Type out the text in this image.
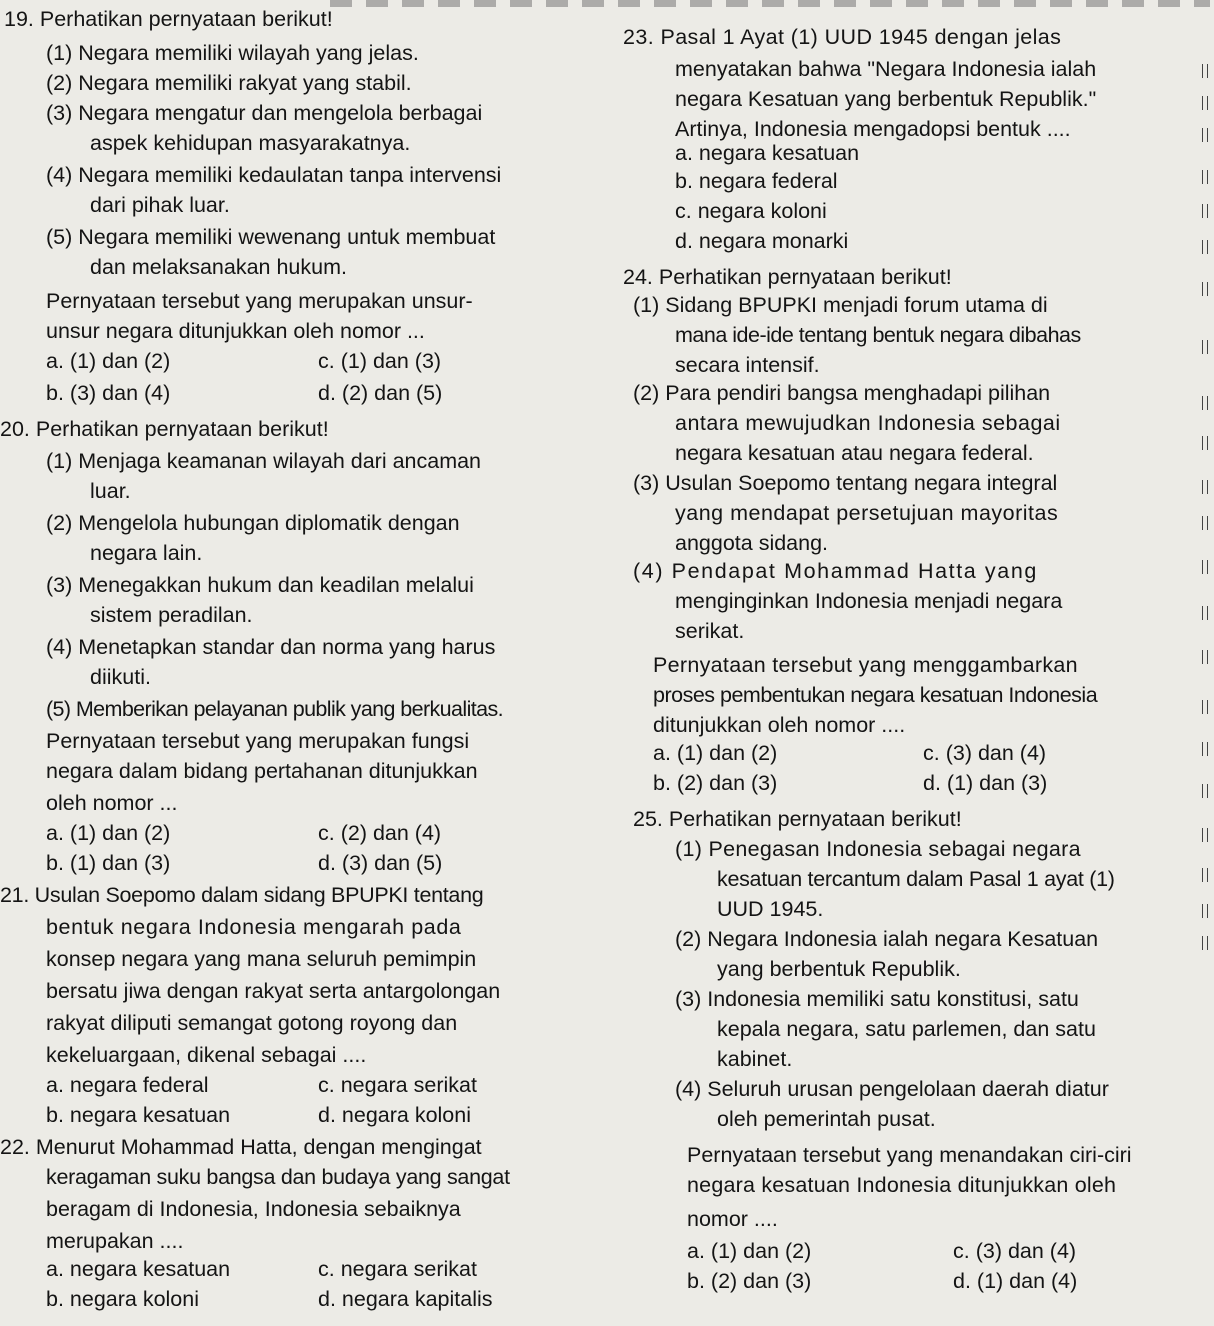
19. Perhatikan pernyataan berikut!
(1) Negara memiliki wilayah yang jelas.
(2) Negara memiliki rakyat yang stabil.
(3) Negara mengatur dan mengelola berbagai
aspek kehidupan masyarakatnya.
(4) Negara memiliki kedaulatan tanpa intervensi
dari pihak luar.
(5) Negara memiliki wewenang untuk membuat
dan melaksanakan hukum.
Pernyataan tersebut yang merupakan unsur-
unsur negara ditunjukkan oleh nomor ...
a. (1) dan (2)	c. (1) dan (3)
b. (3) dan (4)	d. (2) dan (5)
20. Perhatikan pernyataan berikut!
(1) Menjaga keamanan wilayah dari ancaman
luar.
(2) Mengelola hubungan diplomatik dengan
negara lain.
(3) Menegakkan hukum dan keadilan melalui
sistem peradilan.
(4) Menetapkan standar dan norma yang harus
diikuti.
(5) Memberikan pelayanan publik yang berkualitas.
Pernyataan tersebut yang merupakan fungsi
negara dalam bidang pertahanan ditunjukkan
oleh nomor ...
a. (1) dan (2)	c. (2) dan (4)
b. (1) dan (3)	d. (3) dan (5)
21. Usulan Soepomo dalam sidang BPUPKI tentang
bentuk negara Indonesia mengarah pada
konsep negara yang mana seluruh pemimpin
bersatu jiwa dengan rakyat serta antargolongan
rakyat diliputi semangat gotong royong dan
kekeluargaan, dikenal sebagai ....
a. negara federal	c. negara serikat
b. negara kesatuan	d. negara koloni
22. Menurut Mohammad Hatta, dengan mengingat
keragaman suku bangsa dan budaya yang sangat
beragam di Indonesia, Indonesia sebaiknya
merupakan ....
a. negara kesatuan	c. negara serikat
b. negara koloni	d. negara kapitalis
23. Pasal 1 Ayat (1) UUD 1945 dengan jelas
menyatakan bahwa "Negara Indonesia ialah
negara Kesatuan yang berbentuk Republik."
Artinya, Indonesia mengadopsi bentuk ....
a. negara kesatuan
b. negara federal
c. negara koloni
d. negara monarki
24. Perhatikan pernyataan berikut!
(1) Sidang BPUPKI menjadi forum utama di
mana ide-ide tentang bentuk negara dibahas
secara intensif.
(2) Para pendiri bangsa menghadapi pilihan
antara mewujudkan Indonesia sebagai
negara kesatuan atau negara federal.
(3) Usulan Soepomo tentang negara integral
yang mendapat persetujuan mayoritas
anggota sidang.
(4) Pendapat Mohammad Hatta yang
menginginkan Indonesia menjadi negara
serikat.
Pernyataan tersebut yang menggambarkan
proses pembentukan negara kesatuan Indonesia
ditunjukkan oleh nomor ....
a. (1) dan (2)	c. (3) dan (4)
b. (2) dan (3)	d. (1) dan (3)
25. Perhatikan pernyataan berikut!
(1) Penegasan Indonesia sebagai negara
kesatuan tercantum dalam Pasal 1 ayat (1)
UUD 1945.
(2) Negara Indonesia ialah negara Kesatuan
yang berbentuk Republik.
(3) Indonesia memiliki satu konstitusi, satu
kepala negara, satu parlemen, dan satu
kabinet.
(4) Seluruh urusan pengelolaan daerah diatur
oleh pemerintah pusat.
Pernyataan tersebut yang menandakan ciri-ciri
negara kesatuan Indonesia ditunjukkan oleh
nomor ....
a. (1) dan (2)	c. (3) dan (4)
b. (2) dan (3)	d. (1) dan (4)
